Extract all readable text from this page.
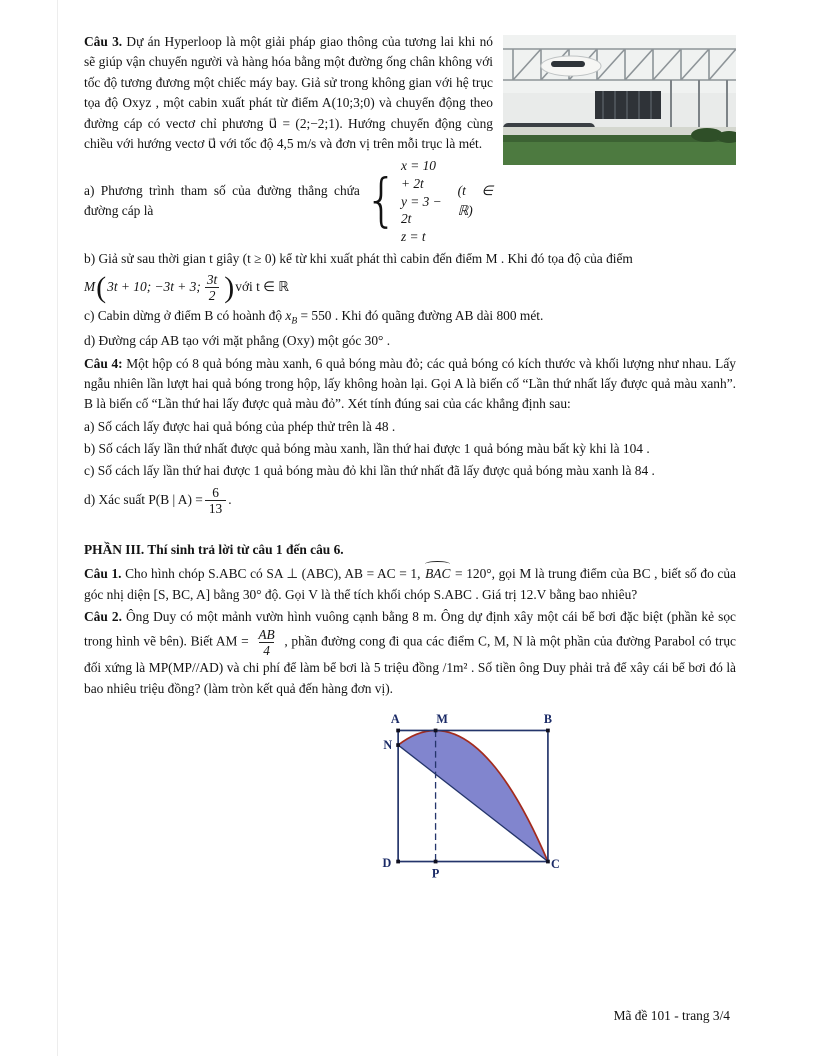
Câu 3. Dự án Hyperloop là một giải pháp giao thông của tương lai khi nó sẽ giúp vận chuyển người và hàng hóa bằng một đường ống chân không với tốc độ tương đương một chiếc máy bay. Giả sử trong không gian với hệ trục tọa độ Oxyz , một cabin xuất phát từ điểm A(10;3;0) và chuyển động theo đường cáp có vectơ chỉ phương u⃗ = (2;−2;1). Hướng chuyển động cùng chiều với hướng vectơ u⃗ với tốc độ 4,5 m/s và đơn vị trên mỗi trục là mét.

a) Phương trình tham số của đường thẳng chứa đường cáp là	{
x = 10 + 2t
y = 3 − 2t
z = t
(t ∈ ℝ)

b) Giả sử sau thời gian t giây (t ≥ 0) kể từ khi xuất phát thì cabin đến điểm M . Khi đó tọa độ của điểm

M ( 3t + 10; −3t + 3; $\frac{3t}{2}$ ) với t ∈ ℝ

c) Cabin dừng ở điểm B có hoành độ $x_B = 550$ . Khi đó quãng đường AB dài 800 mét.

d) Đường cáp AB tạo với mặt phẳng (Oxy) một góc 30° .

Câu 4: Một hộp có 8 quả bóng màu xanh, 6 quả bóng màu đỏ; các quả bóng có kích thước và khối lượng như nhau. Lấy ngẫu nhiên lần lượt hai quả bóng trong hộp, lấy không hoàn lại. Gọi A là biến cố “Lần thứ nhất lấy được quả màu xanh”. B là biến cố “Lần thứ hai lấy được quả màu đỏ”. Xét tính đúng sai của các khẳng định sau:

a) Số cách lấy được hai quả bóng của phép thử trên là 48 .

b) Số cách lấy lần thứ nhất được quả bóng màu xanh, lần thứ hai được 1 quả bóng màu bất kỳ khi là 104 .

c) Số cách lấy lần thứ hai được 1 quả bóng màu đỏ khi lần thứ nhất đã lấy được quả bóng màu xanh là 84 .

d) Xác suất P(B | $A) = \frac{6}{13}$ .

PHẦN III. Thí sinh trả lời từ câu 1 đến câu 6.

Câu 1. Cho hình chóp S.ABC có SA ⊥ (ABC), AB = AC = 1, BAC = 120°, gọi M là trung điểm của BC , biết số đo của góc nhị diện [S, BC, A] bằng 30° độ. Gọi V là thể tích khối chóp S.ABC . Giá trị 12.V bằng bao nhiêu?

Câu 2. Ông Duy có một mảnh vườn hình vuông cạnh bằng 8 m. Ông dự định xây một cái bể bơi đặc biệt (phần kẻ sọc trong hình vẽ bên). Biết AM = $\frac{AB}{4}$ , phần đường cong đi qua các điểm C, M, N là một phần của đường Parabol có trục đối xứng là MP(MP//AD) và chi phí để làm bể bơi là 5 triệu đồng /1m² . Số tiền ông Duy phải trả để xây cái bể bơi đó là bao nhiêu triệu đồng? (làm tròn kết quả đến hàng đơn vị).

A	M	B
N
D
P
C
Mã đề 101 - trang 3/4
